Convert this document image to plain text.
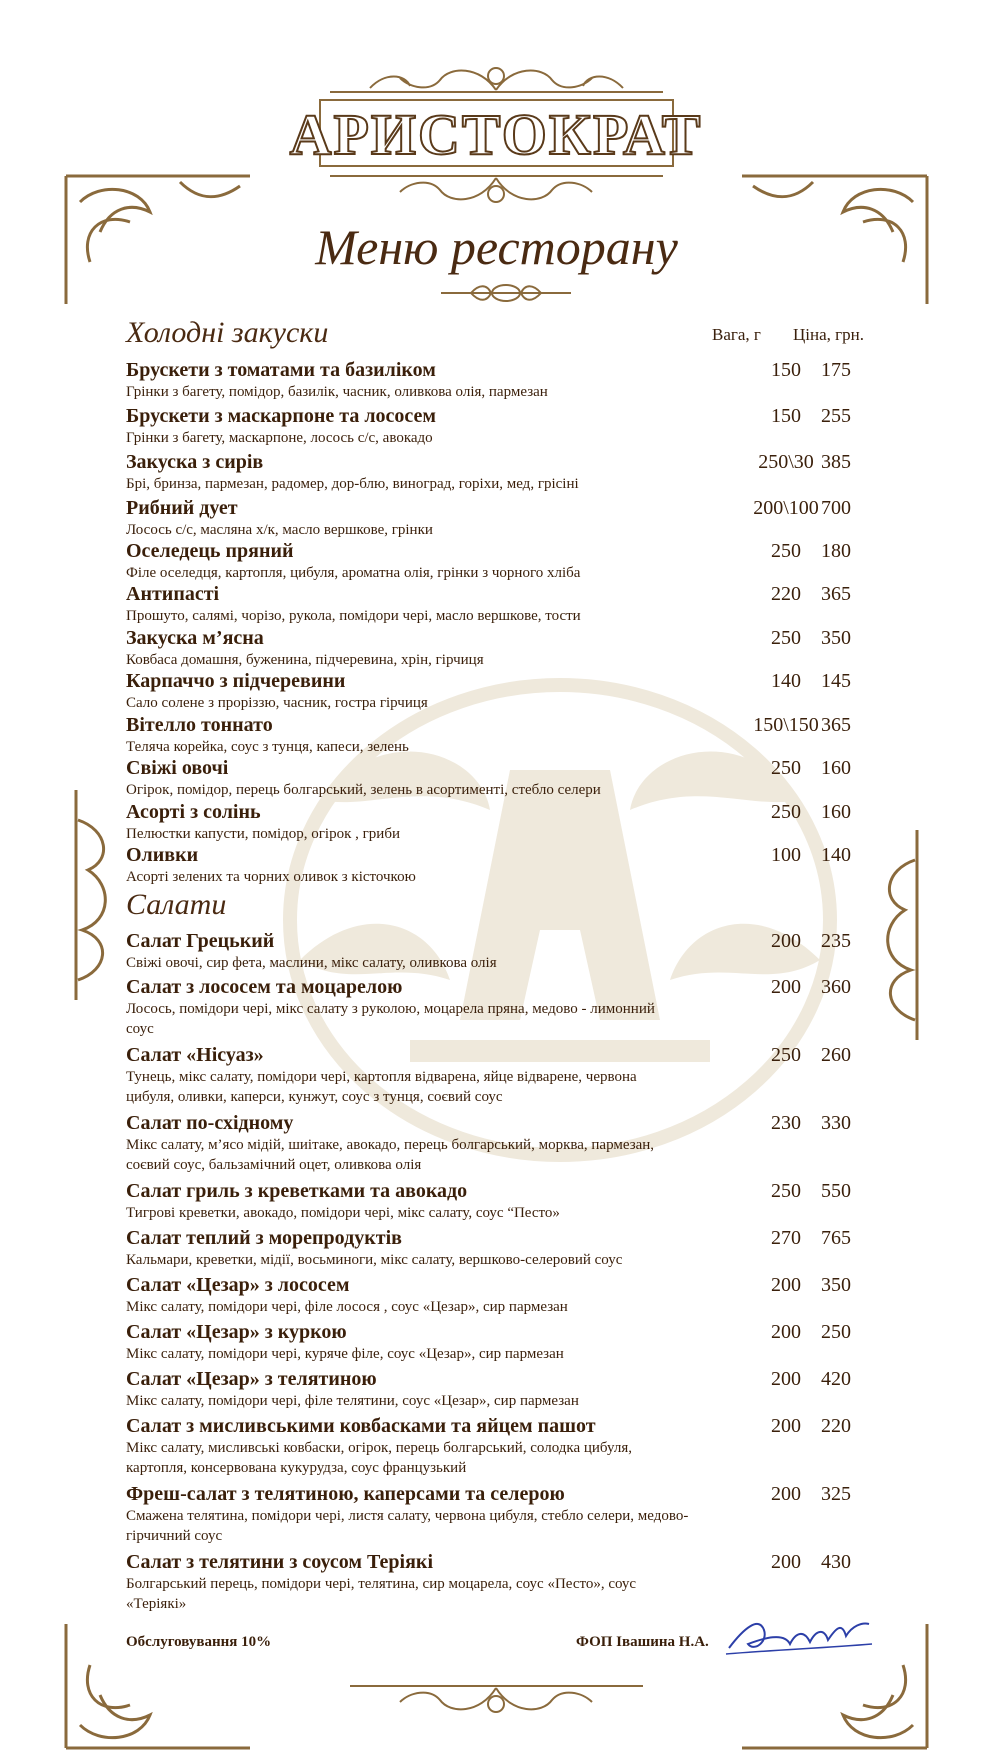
АРИСТОКРАТ
Меню ресторану
Холодні закуски	Вага, г Ціна, грн.
Брускети з томатами та базиліком
Грінки з багету, помідор, базилік, часник, оливкова олія, пармезан
150	175
Брускети з маскарпоне та лососем
Грінки з багету, маскарпоне, лосось с/с, авокадо
150	255
Закуска з сирів
Брі, бринза, пармезан, радомер, дор-блю, виноград, горіхи, мед, грісіні
250\30 385
Рибний дует
Лосось с/с, масляна х/к, масло вершкове, грінки
200\100 700
Оселедець пряний
Філе оселедця, картопля, цибуля, ароматна олія, грінки з чорного хліба
250	180
Антипасті
Прошуто, салямі, чорізо, рукола, помідори чері, масло вершкове, тости
220	365
Закуска м’ясна
Ковбаса домашня, буженина, підчеревина, хрін, гірчиця
250	350
Карпаччо з підчеревини
Сало солене з проріззю, часник, гостра гірчиця
140	145
Вітелло тоннато
Теляча корейка, соус з тунця, капеси, зелень
150\150 365
Свіжі овочі
Огірок, помідор, перець болгарський, зелень в асортименті, стебло селери
250	160
Асорті з солінь
Пелюстки капусти, помідор, огірок , гриби
250	160
Оливки
Асорті зелених та чорних оливок з кісточкою
100	140
Салати
Салат Грецький
Свіжі овочі, сир фета, маслини, мікс салату, оливкова олія
200	235
Салат з лососем та моцарелою
Лосось, помідори чері, мікс салату з руколою, моцарела пряна, медово - лимонний соус
200	360
Салат «Нісуаз»
Тунець, мікс салату, помідори чері, картопля відварена, яйце відварене, червона цибуля, оливки, каперси, кунжут, соус з тунця, соєвий соус
250	260
Салат по-східному
Мікс салату, м’ясо мідій, шиітаке, авокадо, перець болгарський, морква, пармезан, соєвий соус, бальзамічний оцет, оливкова олія
230	330
Салат гриль з креветками та авокадо
Тигрові креветки, авокадо, помідори чері, мікс салату, соус “Песто»
250	550
Салат теплий з морепродуктів
Кальмари, креветки, мідії, восьминоги, мікс салату, вершково-селеровий соус
270	765
Салат «Цезар» з лососем
Мікс салату, помідори чері, філе лосося , соус «Цезар», сир пармезан
200	350
Салат «Цезар» з куркою
Мікс салату, помідори чері, куряче філе, соус «Цезар», сир пармезан
200	250
Салат «Цезар» з телятиною
Мікс салату, помідори чері, філе телятини, соус «Цезар», сир пармезан
200	420
Салат з мисливськими ковбасками та яйцем пашот
Мікс салату, мисливські ковбаски, огірок, перець болгарський, солодка цибуля, картопля, консервована кукурудза, соус французький
200	220
Фреш-салат з телятиною, каперсами та селерою
Смажена телятина, помідори чері, листя салату, червона цибуля, стебло селери, медово-гірчичний соус
200	325
Салат з телятини з соусом Теріякі
Болгарський перець, помідори чері, телятина, сир моцарела, соус «Песто», соус «Теріякі»
200	430
Обслуговування 10%	ФОП Івашина Н.А.
